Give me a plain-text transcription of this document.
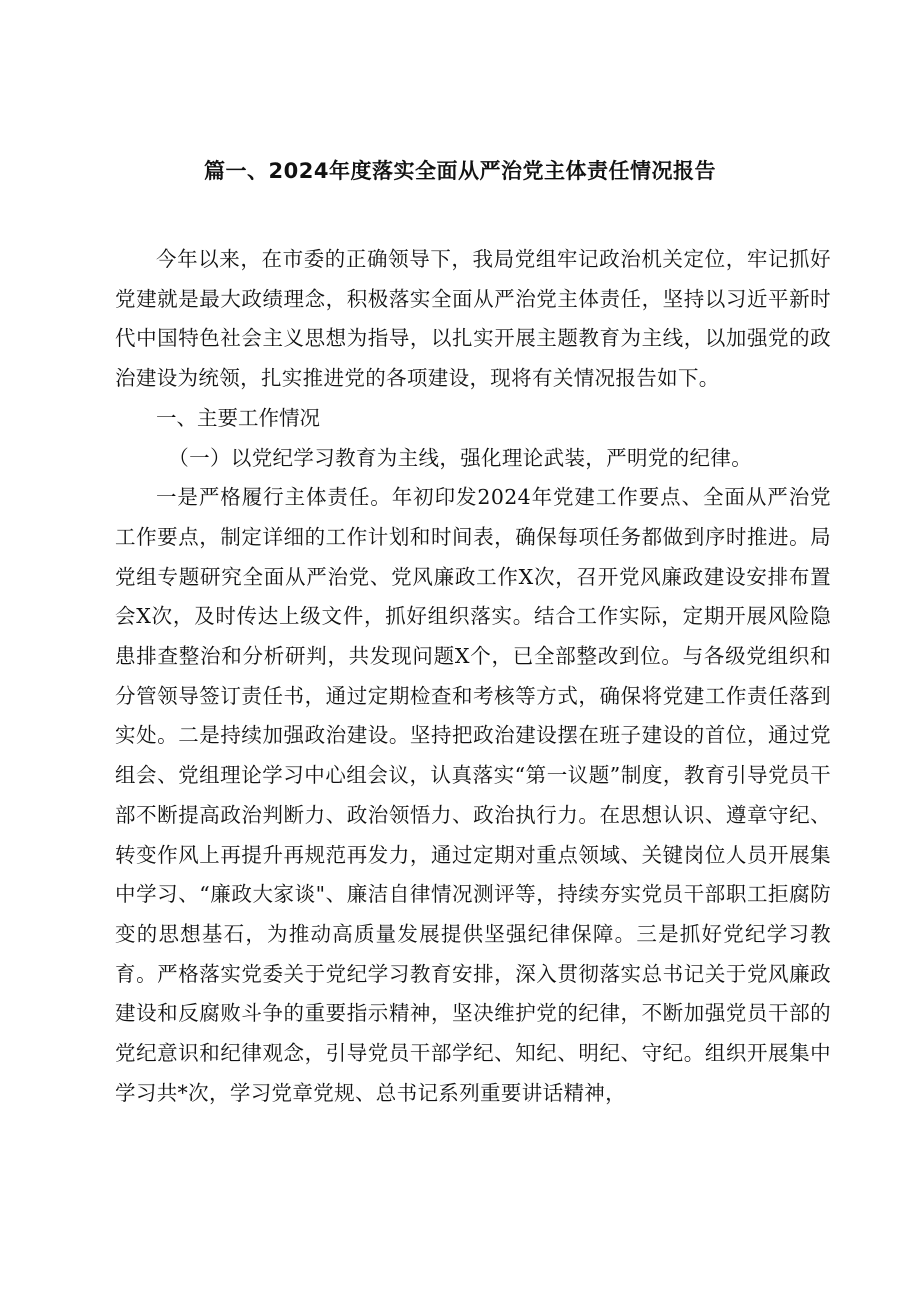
篇一、2024年度落实全面从严治党主体责任情况报告

今年以来，在市委的正确领导下，我局党组牢记政治机关定位，牢记抓好党建就是最大政绩理念，积极落实全面从严治党主体责任，坚持以习近平新时代中国特色社会主义思想为指导，以扎实开展主题教育为主线，以加强党的政治建设为统领，扎实推进党的各项建设，现将有关情况报告如下。

一、主要工作情况

（一）以党纪学习教育为主线，强化理论武装，严明党的纪律。

一是严格履行主体责任。年初印发2024年党建工作要点、全面从严治党工作要点，制定详细的工作计划和时间表，确保每项任务都做到序时推进。局党组专题研究全面从严治党、党风廉政工作X次，召开党风廉政建设安排布置会X次，及时传达上级文件，抓好组织落实。结合工作实际，定期开展风险隐患排查整治和分析研判，共发现问题X个，已全部整改到位。与各级党组织和分管领导签订责任书，通过定期检查和考核等方式，确保将党建工作责任落到实处。二是持续加强政治建设。坚持把政治建设摆在班子建设的首位，通过党组会、党组理论学习中心组会议，认真落实“第一议题”制度，教育引导党员干部不断提高政治判断力、政治领悟力、政治执行力。在思想认识、遵章守纪、转变作风上再提升再规范再发力，通过定期对重点领域、关键岗位人员开展集中学习、“廉政大家谈"、廉洁自律情况测评等，持续夯实党员干部职工拒腐防变的思想基石，为推动高质量发展提供坚强纪律保障。三是抓好党纪学习教育。严格落实党委关于党纪学习教育安排，深入贯彻落实总书记关于党风廉政建设和反腐败斗争的重要指示精神，坚决维护党的纪律，不断加强党员干部的党纪意识和纪律观念，引导党员干部学纪、知纪、明纪、守纪。组织开展集中学习共*次，学习党章党规、总书记系列重要讲话精神，
